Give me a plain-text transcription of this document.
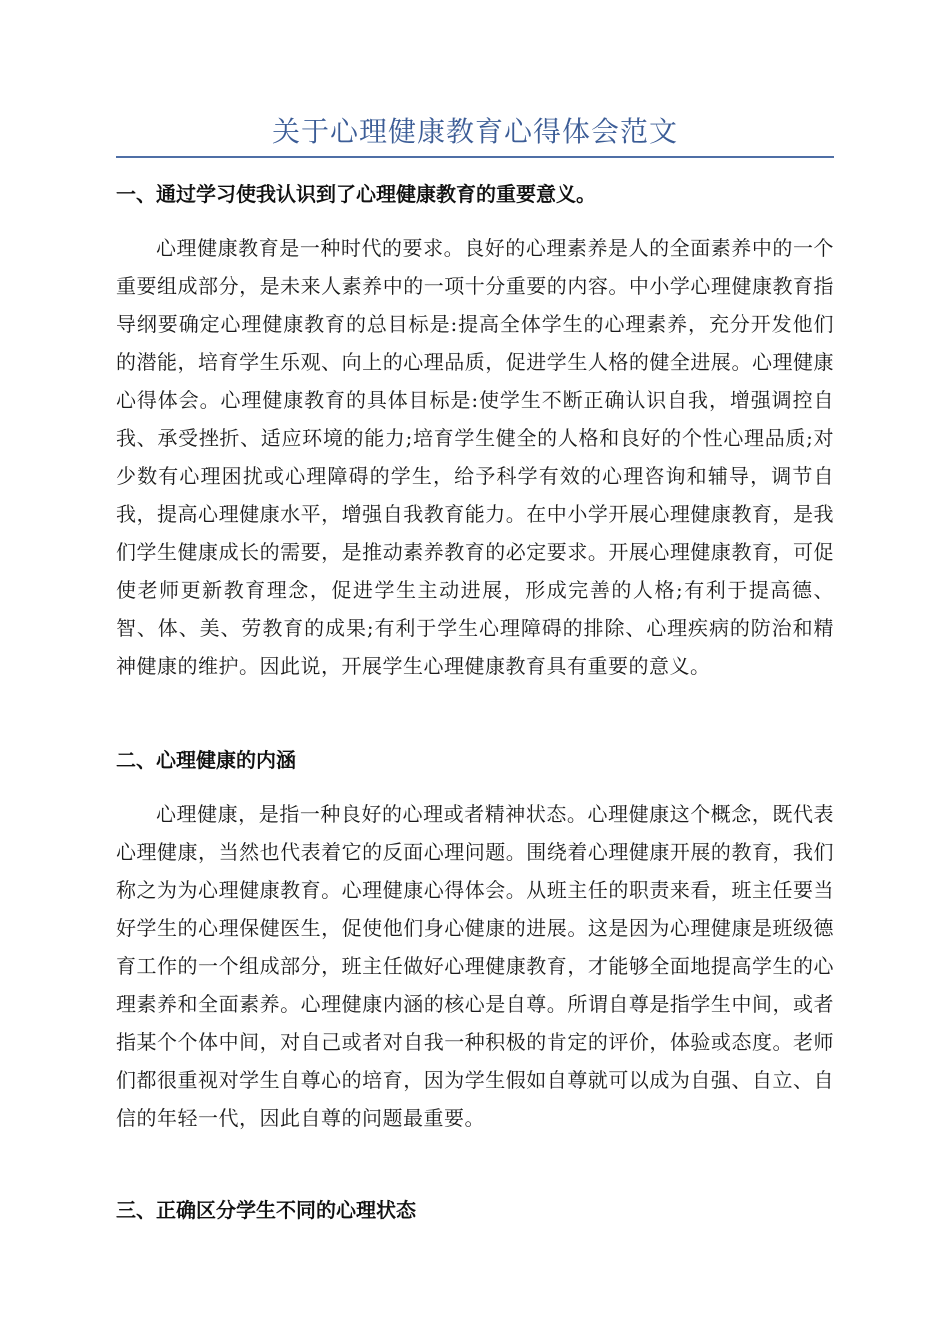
关于心理健康教育心得体会范文
一、通过学习使我认识到了心理健康教育的重要意义。

心理健康教育是一种时代的要求。良好的心理素养是人的全面素养中的一个重要组成部分，是未来人素养中的一项十分重要的内容。中小学心理健康教育指导纲要确定心理健康教育的总目标是:提高全体学生的心理素养，充分开发他们的潜能，培育学生乐观、向上的心理品质，促进学生人格的健全进展。心理健康心得体会。心理健康教育的具体目标是:使学生不断正确认识自我，增强调控自我、承受挫折、适应环境的能力;培育学生健全的人格和良好的个性心理品质;对少数有心理困扰或心理障碍的学生，给予科学有效的心理咨询和辅导，调节自我，提高心理健康水平，增强自我教育能力。在中小学开展心理健康教育，是我们学生健康成长的需要，是推动素养教育的必定要求。开展心理健康教育，可促使老师更新教育理念，促进学生主动进展，形成完善的人格;有利于提高德、智、体、美、劳教育的成果;有利于学生心理障碍的排除、心理疾病的防治和精神健康的维护。因此说，开展学生心理健康教育具有重要的意义。

二、心理健康的内涵

心理健康，是指一种良好的心理或者精神状态。心理健康这个概念，既代表心理健康，当然也代表着它的反面心理问题。围绕着心理健康开展的教育，我们称之为为心理健康教育。心理健康心得体会。从班主任的职责来看，班主任要当好学生的心理保健医生，促使他们身心健康的进展。这是因为心理健康是班级德育工作的一个组成部分，班主任做好心理健康教育，才能够全面地提高学生的心理素养和全面素养。心理健康内涵的核心是自尊。所谓自尊是指学生中间，或者指某个个体中间，对自己或者对自我一种积极的肯定的评价，体验或态度。老师们都很重视对学生自尊心的培育，因为学生假如自尊就可以成为自强、自立、自信的年轻一代，因此自尊的问题最重要。

三、正确区分学生不同的心理状态
